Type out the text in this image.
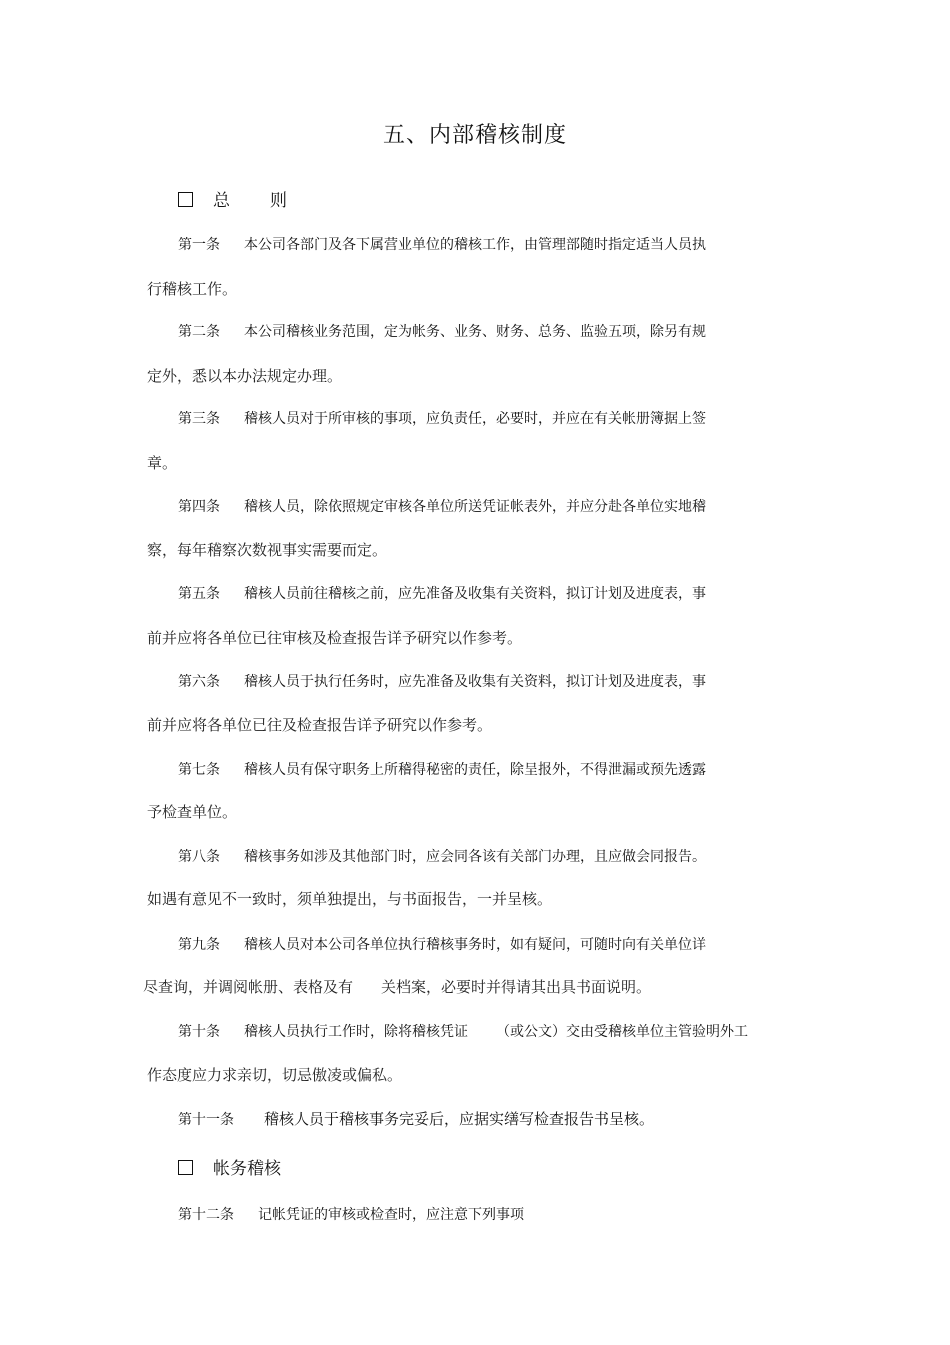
五、内部稽核制度
总 则
第一条 本公司各部门及各下属营业单位的稽核工作，由管理部随时指定适当人员执
行稽核工作。
第二条 本公司稽核业务范围，定为帐务、业务、财务、总务、监验五项，除另有规
定外，悉以本办法规定办理。
第三条 稽核人员对于所审核的事项，应负责任，必要时，并应在有关帐册簿据上签
章。
第四条 稽核人员，除依照规定审核各单位所送凭证帐表外，并应分赴各单位实地稽
察，每年稽察次数视事实需要而定。
第五条 稽核人员前往稽核之前，应先准备及收集有关资料，拟订计划及进度表，事
前并应将各单位已往审核及检查报告详予研究以作参考。
第六条 稽核人员于执行任务时，应先准备及收集有关资料，拟订计划及进度表，事
前并应将各单位已往及检查报告详予研究以作参考。
第七条 稽核人员有保守职务上所稽得秘密的责任，除呈报外，不得泄漏或预先透露
予检查单位。
第八条 稽核事务如涉及其他部门时，应会同各该有关部门办理，且应做会同报告。
如遇有意见不一致时，须单独提出，与书面报告，一并呈核。
第九条 稽核人员对本公司各单位执行稽核事务时，如有疑问，可随时向有关单位详
尽查询，并调阅帐册、表格及有 关档案，必要时并得请其出具书面说明。
第十条 稽核人员执行工作时，除将稽核凭证 （或公文）交由受稽核单位主管验明外工
作态度应力求亲切，切忌傲凌或偏私。
第十一条 稽核人员于稽核事务完妥后，应据实缮写检查报告书呈核。
帐务稽核
第十二条 记帐凭证的审核或检查时，应注意下列事项
